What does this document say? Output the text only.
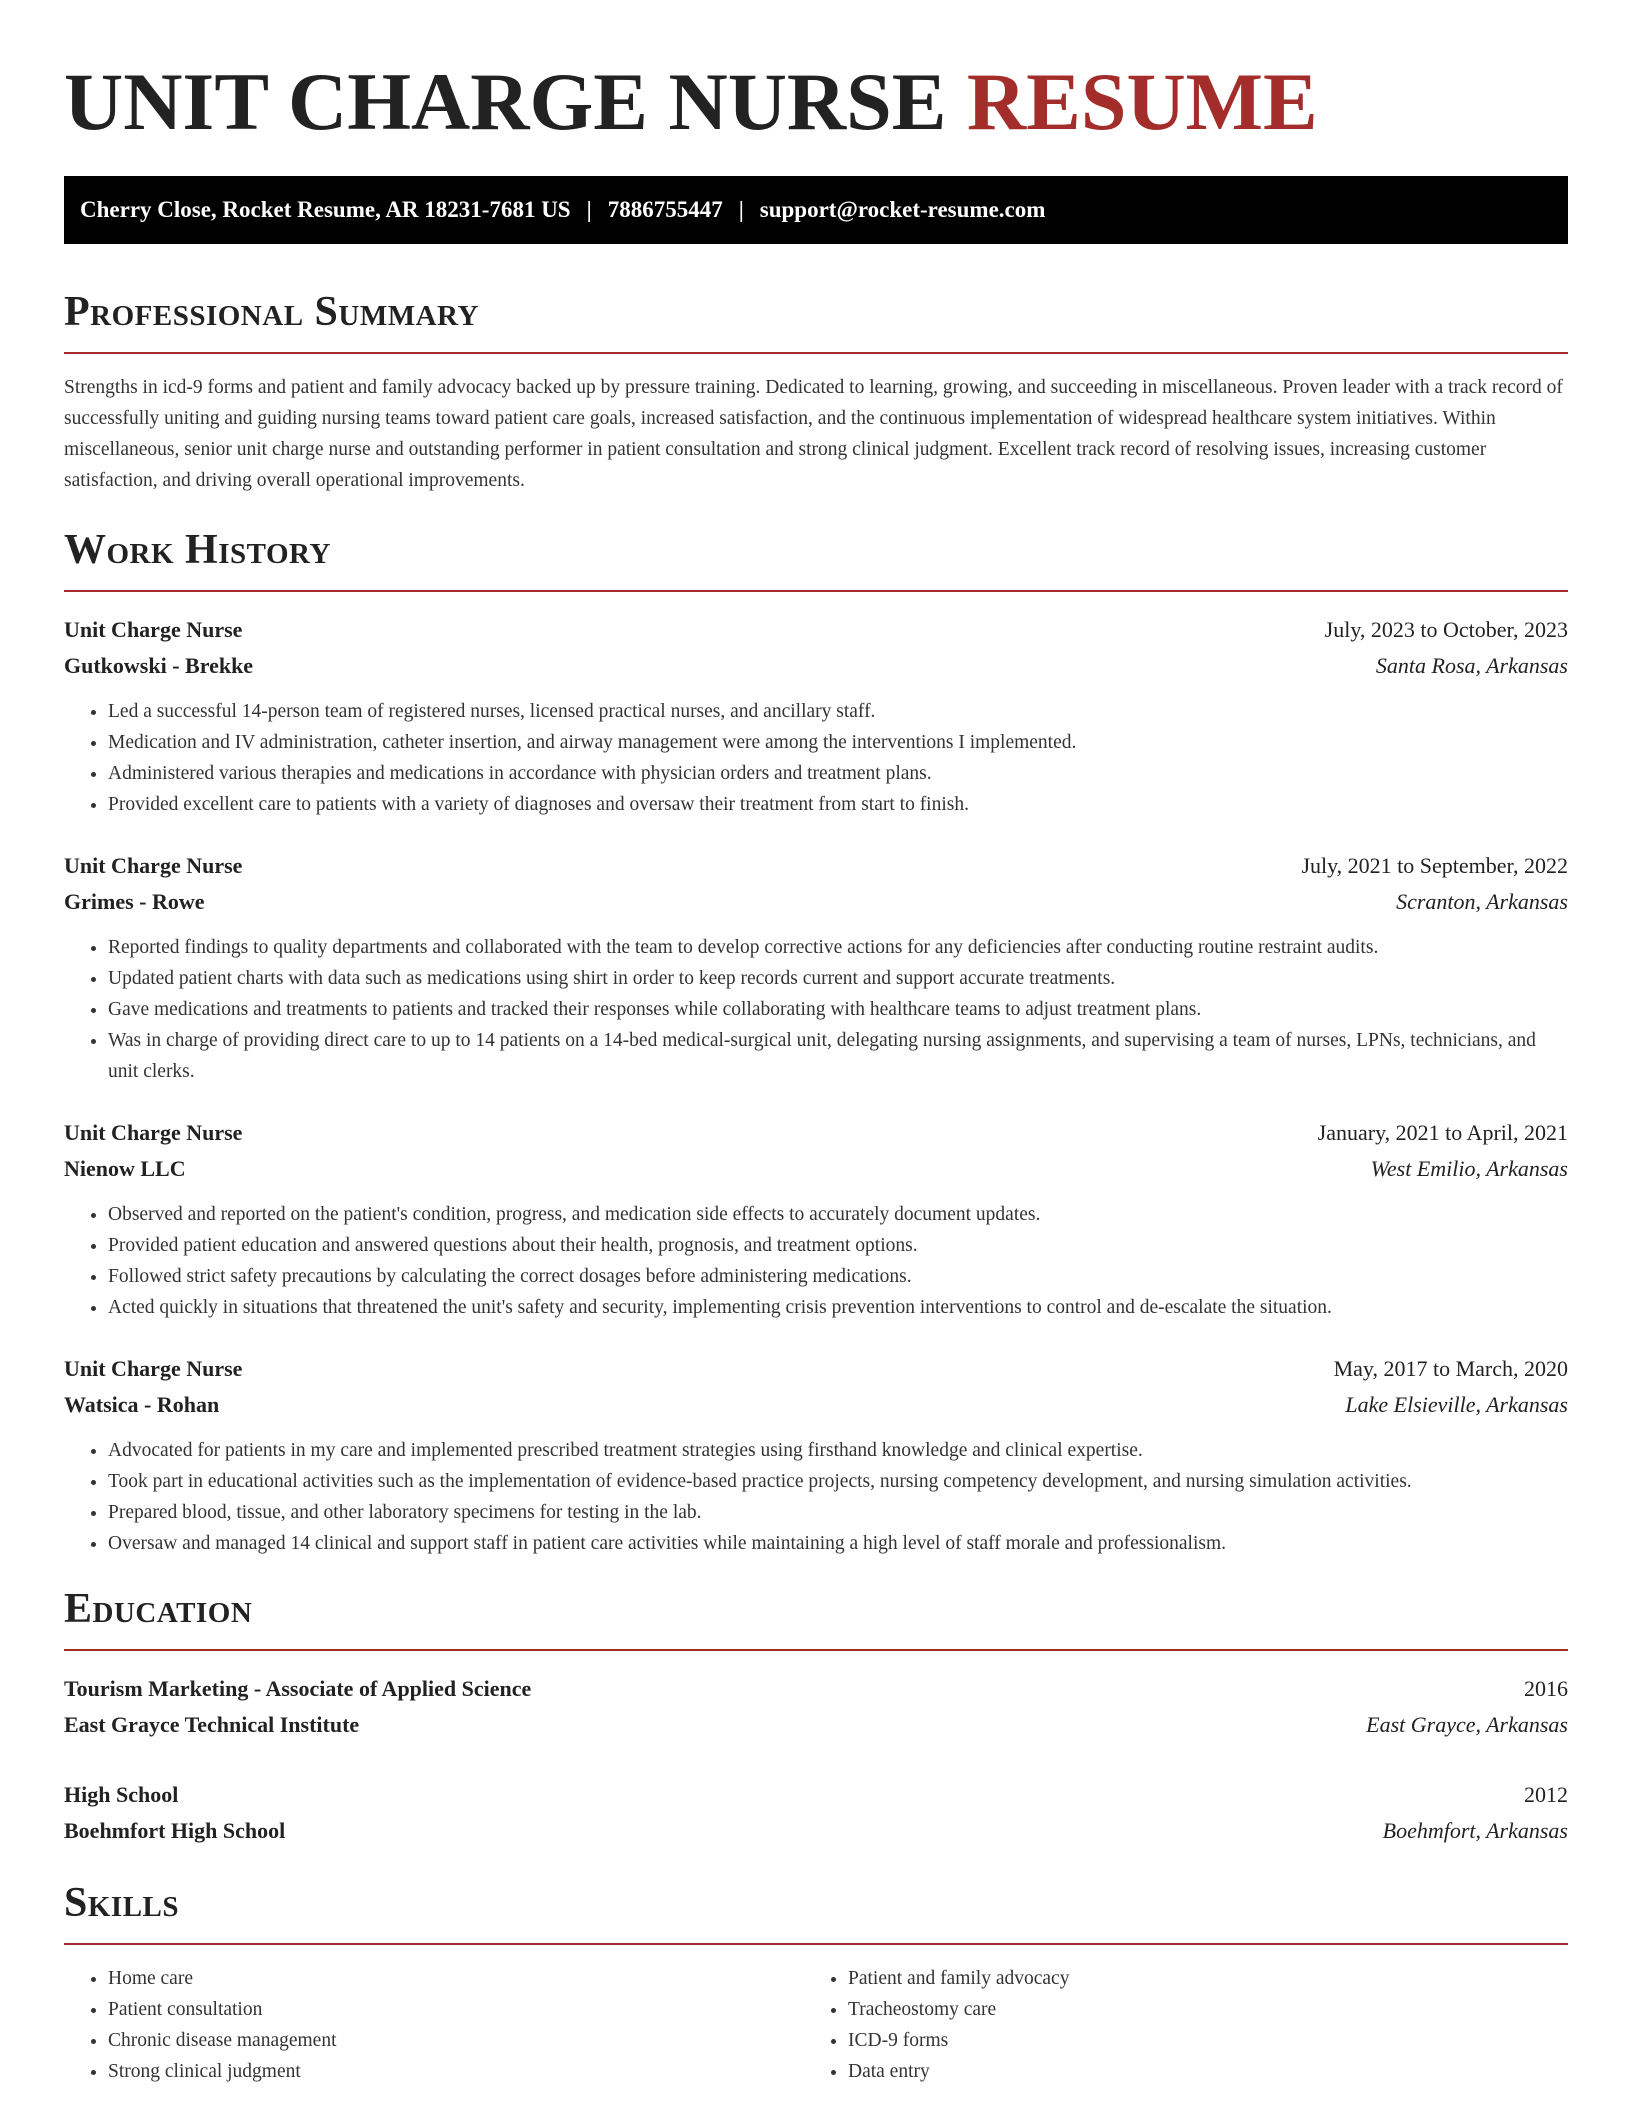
UNIT CHARGE NURSE RESUME
Cherry Close, Rocket Resume, AR 18231-7681 US | 7886755447 | support@rocket-resume.com
Professional Summary

Strengths in icd-9 forms and patient and family advocacy backed up by pressure training. Dedicated to learning, growing, and succeeding in miscellaneous. Proven leader with a track record of successfully uniting and guiding nursing teams toward patient care goals, increased satisfaction, and the continuous implementation of widespread healthcare system initiatives. Within miscellaneous, senior unit charge nurse and outstanding performer in patient consultation and strong clinical judgment. Excellent track record of resolving issues, increasing customer satisfaction, and driving overall operational improvements.

Work History
Unit Charge Nurse	July, 2023 to October, 2023
Gutkowski - Brekke	Santa Rosa, Arkansas
• Led a successful 14-person team of registered nurses, licensed practical nurses, and ancillary staff.
• Medication and IV administration, catheter insertion, and airway management were among the interventions I implemented.
• Administered various therapies and medications in accordance with physician orders and treatment plans.
• Provided excellent care to patients with a variety of diagnoses and oversaw their treatment from start to finish.
Unit Charge Nurse	July, 2021 to September, 2022
Grimes - Rowe	Scranton, Arkansas
• Reported findings to quality departments and collaborated with the team to develop corrective actions for any deficiencies after conducting routine restraint audits.
• Updated patient charts with data such as medications using shirt in order to keep records current and support accurate treatments.
• Gave medications and treatments to patients and tracked their responses while collaborating with healthcare teams to adjust treatment plans.
• Was in charge of providing direct care to up to 14 patients on a 14-bed medical-surgical unit, delegating nursing assignments, and supervising a team of nurses, LPNs, technicians, and unit clerks.
Unit Charge Nurse	January, 2021 to April, 2021
Nienow LLC	West Emilio, Arkansas
• Observed and reported on the patient's condition, progress, and medication side effects to accurately document updates.
• Provided patient education and answered questions about their health, prognosis, and treatment options.
• Followed strict safety precautions by calculating the correct dosages before administering medications.
• Acted quickly in situations that threatened the unit's safety and security, implementing crisis prevention interventions to control and de-escalate the situation.
Unit Charge Nurse	May, 2017 to March, 2020
Watsica - Rohan	Lake Elsieville, Arkansas
• Advocated for patients in my care and implemented prescribed treatment strategies using firsthand knowledge and clinical expertise.
• Took part in educational activities such as the implementation of evidence-based practice projects, nursing competency development, and nursing simulation activities.
• Prepared blood, tissue, and other laboratory specimens for testing in the lab.
• Oversaw and managed 14 clinical and support staff in patient care activities while maintaining a high level of staff morale and professionalism.
Education
Tourism Marketing - Associate of Applied Science	2016
East Grayce Technical Institute	East Grayce, Arkansas
High School	2012
Boehmfort High School	Boehmfort, Arkansas
Skills
• Home care
• Patient consultation
• Chronic disease management
• Strong clinical judgment
• Patient and family advocacy
• Tracheostomy care
• ICD-9 forms
• Data entry
